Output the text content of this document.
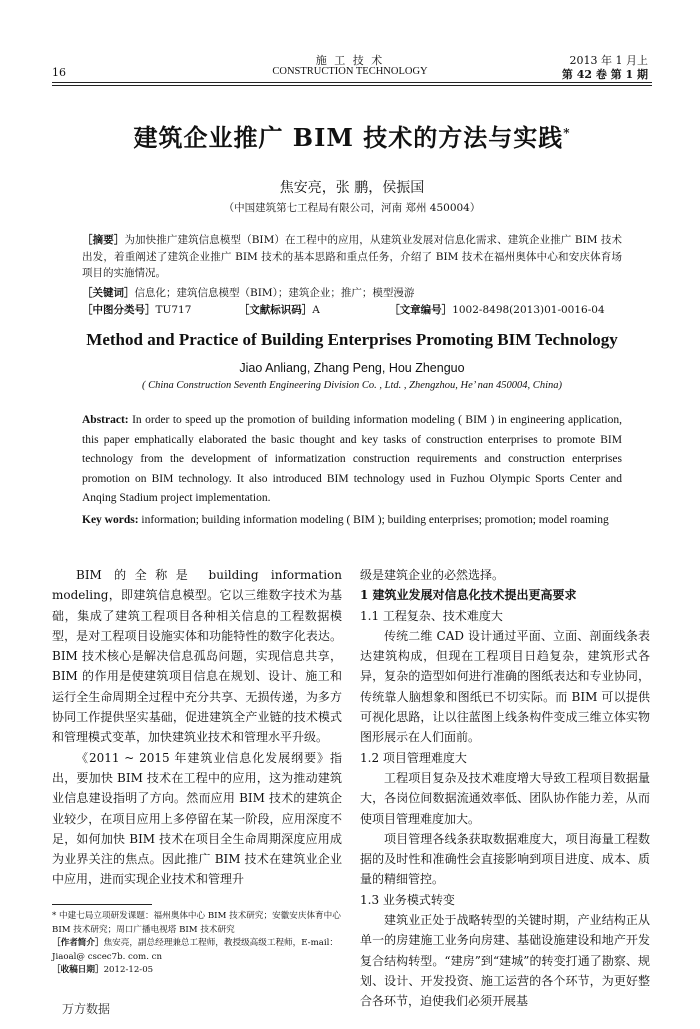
16
施 工 技 术
CONSTRUCTION TECHNOLOGY
2013 年 1 月上
第 42 卷 第 1 期
建筑企业推广 BIM 技术的方法与实践*
焦安亮，张 鹏，侯振国
（中国建筑第七工程局有限公司，河南 郑州 450004）
［摘要］为加快推广建筑信息模型（BIM）在工程中的应用，从建筑业发展对信息化需求、建筑企业推广 BIM 技术出发，着重阐述了建筑企业推广 BIM 技术的基本思路和重点任务，介绍了 BIM 技术在福州奥体中心和安庆体育场项目的实施情况。
［关键词］信息化；建筑信息模型（BIM）；建筑企业；推广；模型漫游
［中图分类号］TU717	［文献标识码］A	［文章编号］1002-8498(2013)01-0016-04
Method and Practice of Building Enterprises Promoting BIM Technology
Jiao Anliang, Zhang Peng, Hou Zhenguo
( China Construction Seventh Engineering Division Co. , Ltd. , Zhengzhou, He’ nan 450004, China)
Abstract: In order to speed up the promotion of building information modeling ( BIM ) in engineering application, this paper emphatically elaborated the basic thought and key tasks of construction enterprises to promote BIM technology from the development of informatization construction requirements and construction enterprises promotion on BIM technology. It also introduced BIM technology used in Fuzhou Olympic Sports Center and Anqing Stadium project implementation.
Key words: information; building information modeling ( BIM ); building enterprises; promotion; model roaming

BIM 的全称是 building information modeling，即建筑信息模型。它以三维数字技术为基础，集成了建筑工程项目各种相关信息的工程数据模型，是对工程项目设施实体和功能特性的数字化表达。BIM 技术核心是解决信息孤岛问题，实现信息共享，BIM 的作用是使建筑项目信息在规划、设计、施工和运行全生命周期全过程中充分共享、无损传递，为多方协同工作提供坚实基础，促进建筑全产业链的技术模式和管理模式变革，加快建筑业技术和管理水平升级。

《2011 ~ 2015 年建筑业信息化发展纲要》指出，要加快 BIM 技术在工程中的应用，这为推动建筑业信息建设指明了方向。然而应用 BIM 技术的建筑企业较少，在项目应用上多停留在某一阶段，应用深度不足，如何加快 BIM 技术在项目全生命周期深度应用成为业界关注的焦点。因此推广 BIM 技术在建筑业企业中应用，进而实现企业技术和管理升

* 中建七局立项研发课题：福州奥体中心 BIM 技术研究；安徽安庆体育中心 BIM 技术研究；周口广播电视塔 BIM 技术研究
［作者简介］焦安亮，副总经理兼总工程师，教授级高级工程师，E-mail：Jiaoal@ cscec7b. com. cn
［收稿日期］2012-12-05

级是建筑企业的必然选择。

1 建筑业发展对信息化技术提出更高要求

1.1 工程复杂、技术难度大

传统二维 CAD 设计通过平面、立面、剖面线条表达建筑构成，但现在工程项目日趋复杂，建筑形式各异，复杂的造型如何进行准确的图纸表达和专业协同，传统靠人脑想象和图纸已不切实际。而 BIM 可以提供可视化思路，让以往蓝图上线条构件变成三维立体实物图形展示在人们面前。

1.2 项目管理难度大

工程项目复杂及技术难度增大导致工程项目数据量大，各岗位间数据流通效率低、团队协作能力差，从而使项目管理难度加大。

项目管理各线条获取数据难度大，项目海量工程数据的及时性和准确性会直接影响到项目进度、成本、质量的精细管控。

1.3 业务模式转变

建筑业正处于战略转型的关键时期，产业结构正从单一的房建施工业务向房建、基础设施建设和地产开发复合结构转型。“建房”到“建城”的转变打通了勘察、规划、设计、开发投资、施工运营的各个环节，为更好整合各环节，迫使我们必须开展基

万方数据
